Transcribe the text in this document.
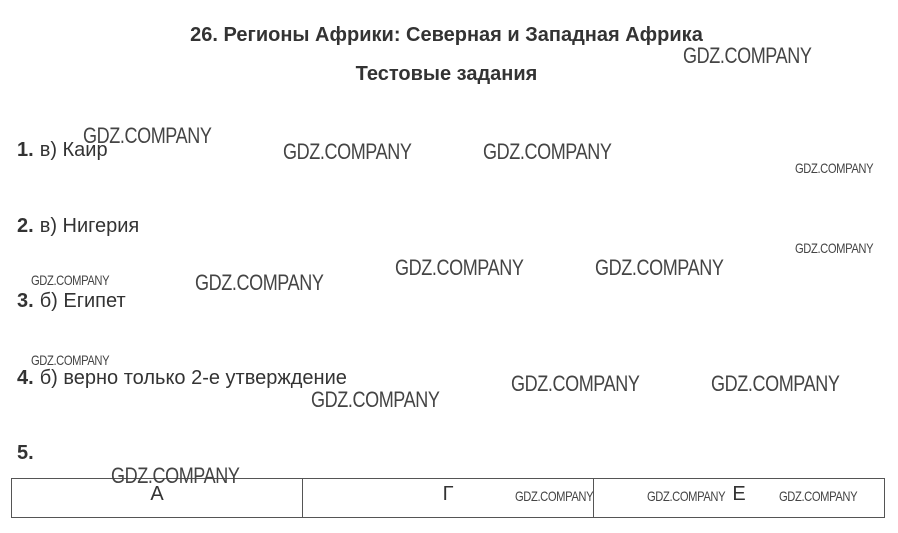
26. Регионы Африки: Северная и Западная Африка
Тестовые задания
1. в) Каир
2. в) Нигерия
3. б) Египет
4. б) верно только 2-е утверждение
5.
А	Г	Е
GDZ.COMPANY
GDZ.COMPANY
GDZ.COMPANY	GDZ.COMPANY
GDZ.COMPANY
GDZ.COMPANY
GDZ.COMPANY	GDZ.COMPANY
GDZ.COMPANY	GDZ.COMPANY
GDZ.COMPANY
GDZ.COMPANY	GDZ.COMPANY
GDZ.COMPANY
GDZ.COMPANY
GDZ.COMPANY	GDZ.COMPANY	GDZ.COMPANY
